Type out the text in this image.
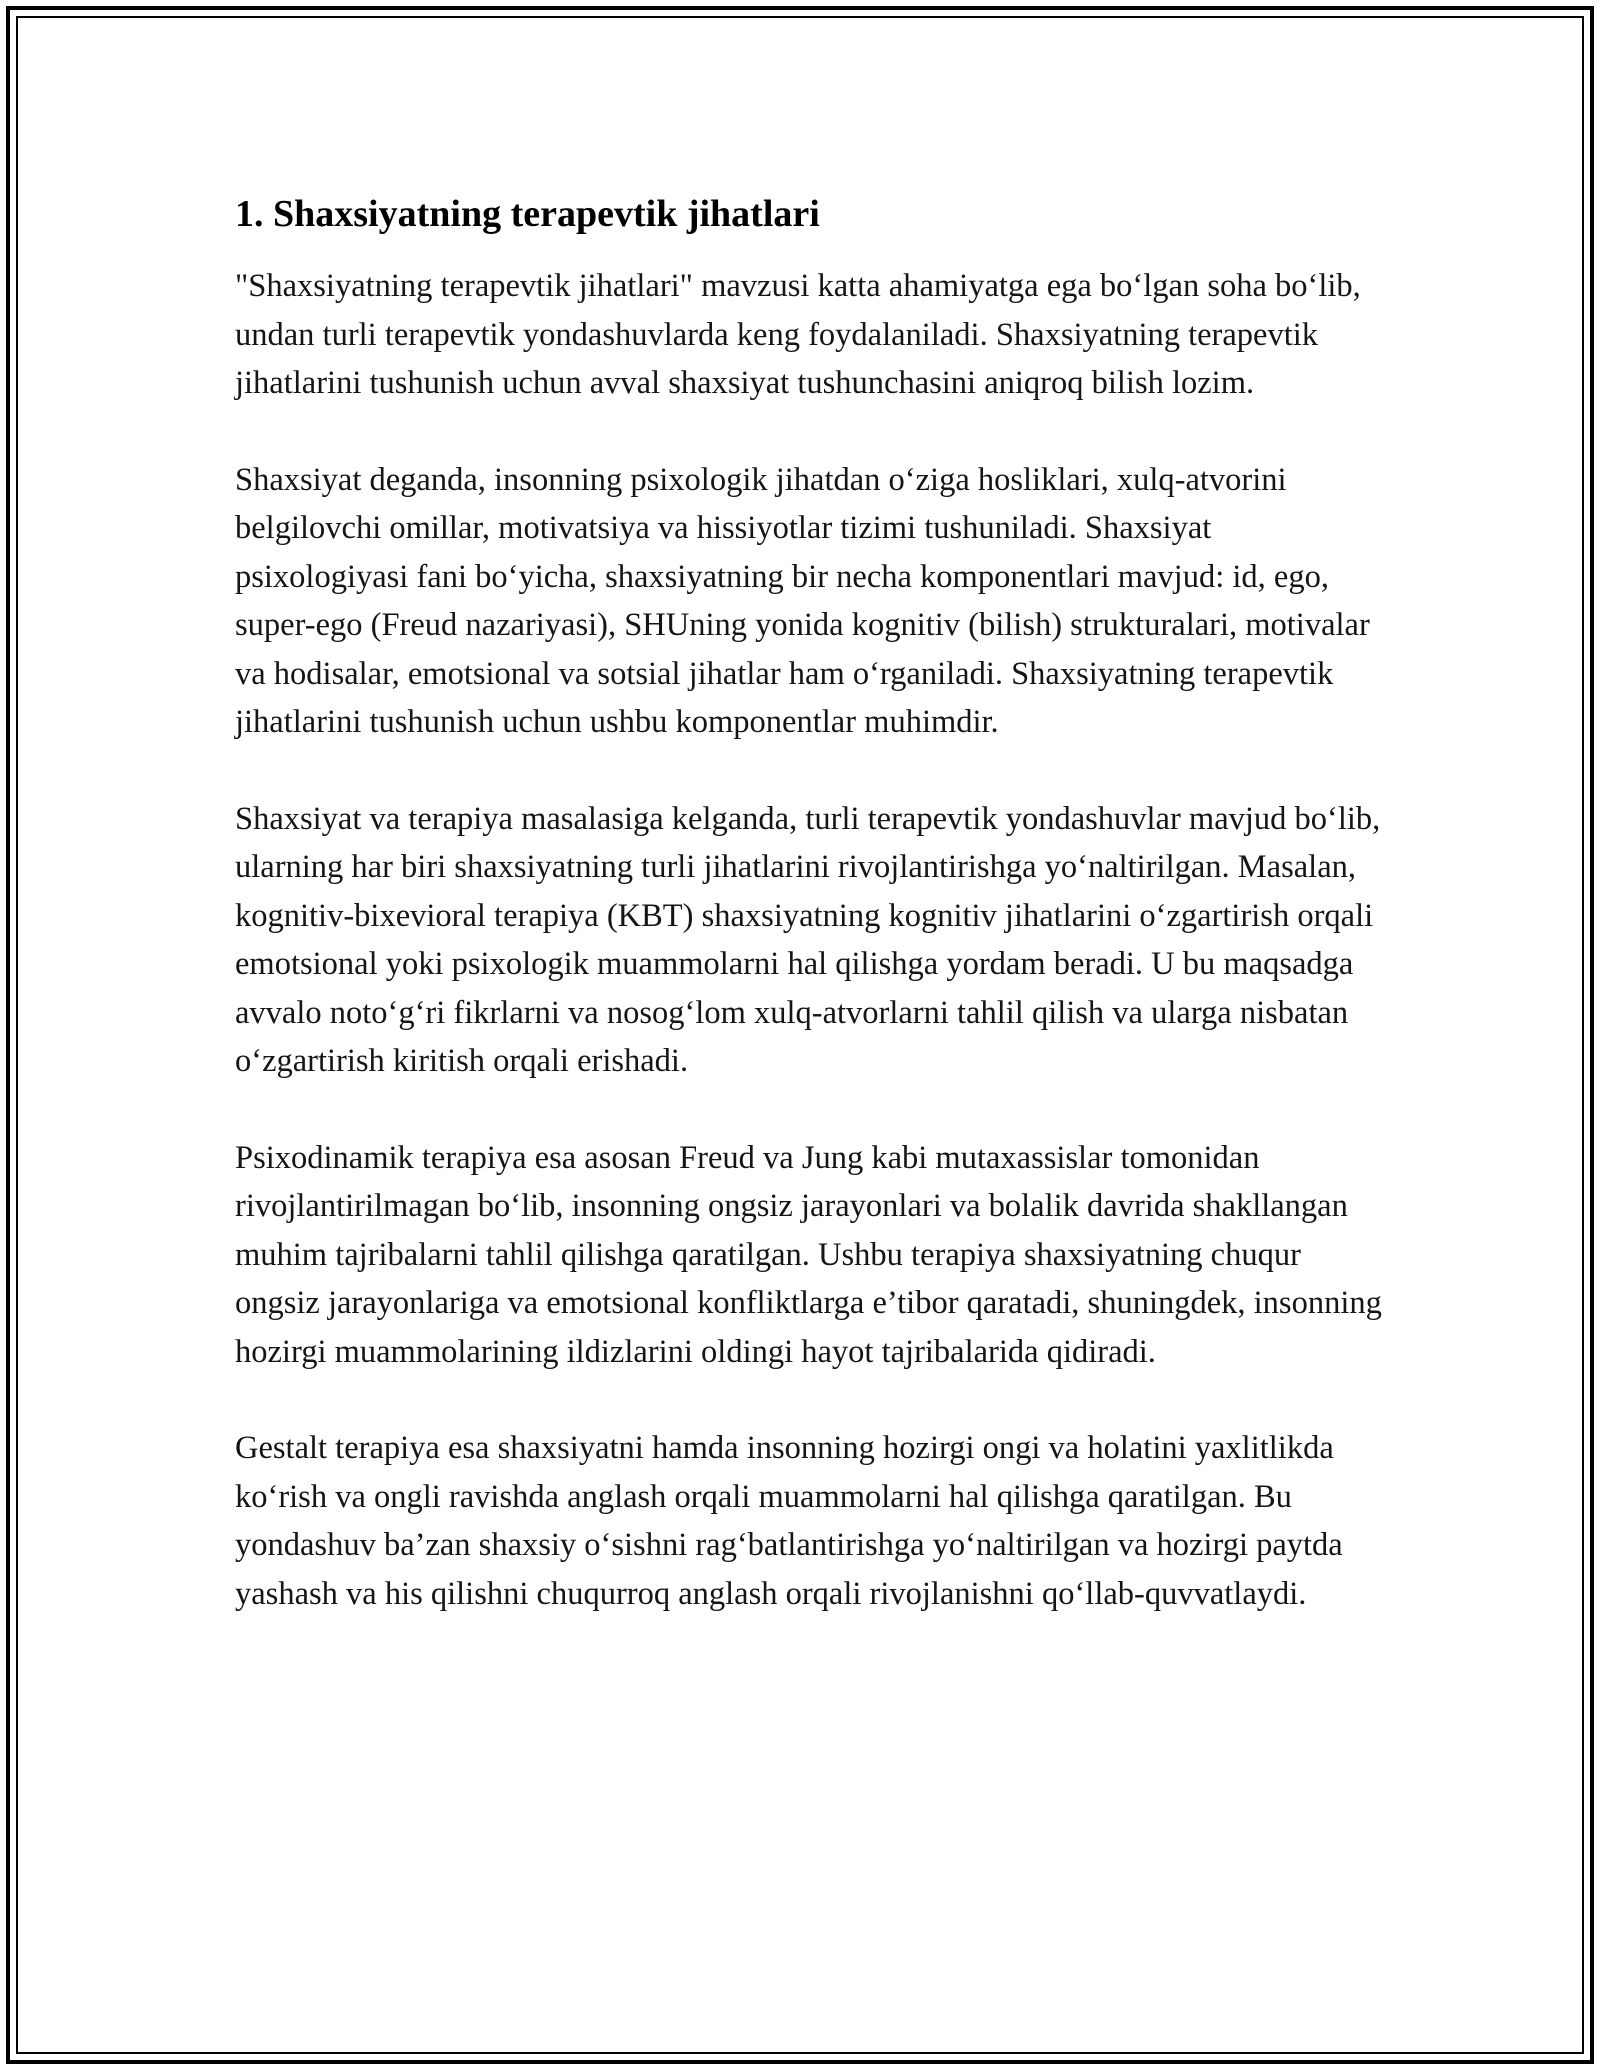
1. Shaxsiyatning terapevtik jihatlari

"Shaxsiyatning terapevtik jihatlari" mavzusi katta ahamiyatga ega boʻlgan soha boʻlib, undan turli terapevtik yondashuvlarda keng foydalaniladi. Shaxsiyatning terapevtik jihatlarini tushunish uchun avval shaxsiyat tushunchasini aniqroq bilish lozim.

Shaxsiyat deganda, insonning psixologik jihatdan oʻziga hosliklari, xulq-atvorini belgilovchi omillar, motivatsiya va hissiyotlar tizimi tushuniladi. Shaxsiyat psixologiyasi fani boʻyicha, shaxsiyatning bir necha komponentlari mavjud: id, ego, super-ego (Freud nazariyasi), SHUning yonida kognitiv (bilish) strukturalari, motivalar va hodisalar, emotsional va sotsial jihatlar ham oʻrganiladi. Shaxsiyatning terapevtik jihatlarini tushunish uchun ushbu komponentlar muhimdir.

Shaxsiyat va terapiya masalasiga kelganda, turli terapevtik yondashuvlar mavjud boʻlib, ularning har biri shaxsiyatning turli jihatlarini rivojlantirishga yoʻnaltirilgan. Masalan, kognitiv-bixevioral terapiya (KBT) shaxsiyatning kognitiv jihatlarini oʻzgartirish orqali emotsional yoki psixologik muammolarni hal qilishga yordam beradi. U bu maqsadga avvalo notoʻgʻri fikrlarni va nosogʻlom xulq-atvorlarni tahlil qilish va ularga nisbatan oʻzgartirish kiritish orqali erishadi.

Psixodinamik terapiya esa asosan Freud va Jung kabi mutaxassislar tomonidan rivojlantirilmagan boʻlib, insonning ongsiz jarayonlari va bolalik davrida shakllangan muhim tajribalarni tahlil qilishga qaratilgan. Ushbu terapiya shaxsiyatning chuqur ongsiz jarayonlariga va emotsional konfliktlarga e’tibor qaratadi, shuningdek, insonning hozirgi muammolarining ildizlarini oldingi hayot tajribalarida qidiradi.

Gestalt terapiya esa shaxsiyatni hamda insonning hozirgi ongi va holatini yaxlitlikda koʻrish va ongli ravishda anglash orqali muammolarni hal qilishga qaratilgan. Bu yondashuv ba’zan shaxsiy oʻsishni ragʻbatlantirishga yoʻnaltirilgan va hozirgi paytda yashash va his qilishni chuqurroq anglash orqali rivojlanishni qoʻllab-quvvatlaydi.
